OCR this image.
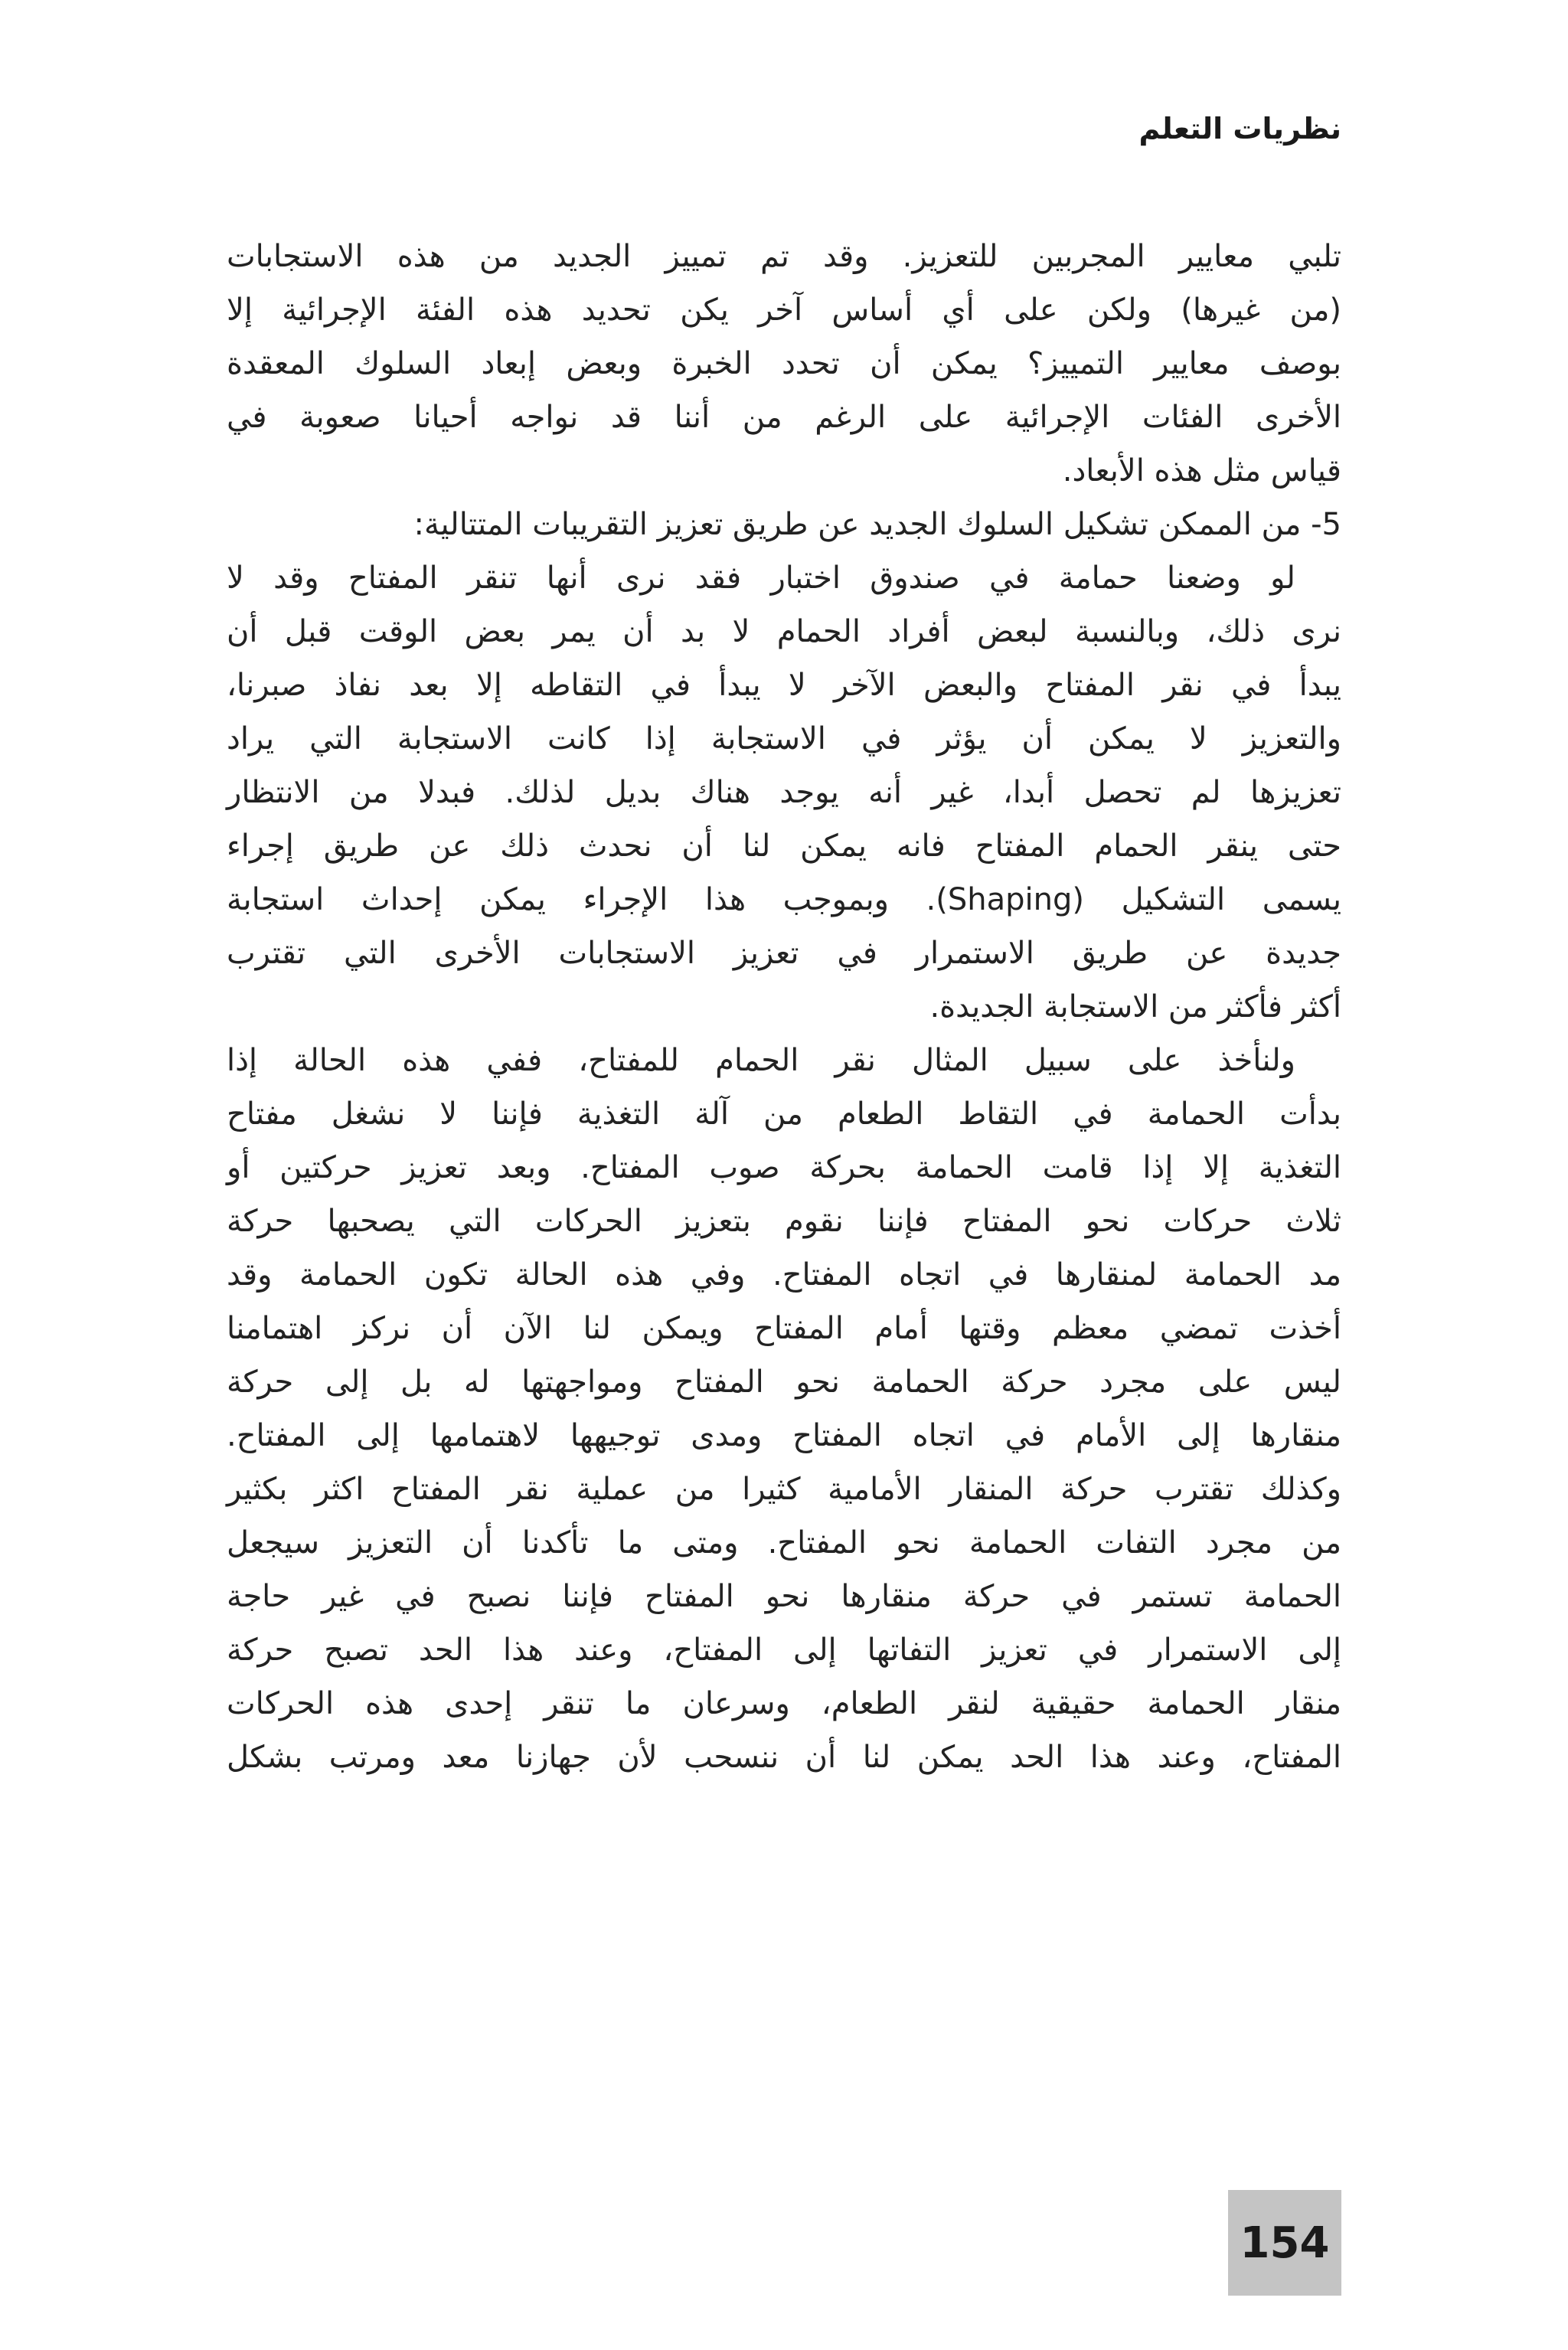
نظريات التعلم
تلبي معايير المجربين للتعزيز. وقد تم تمييز الجديد من هذه الاستجابات
(من غيرها) ولكن على أي أساس آخر يكن تحديد هذه الفئة الإجرائية إلا
بوصف معايير التمييز؟ يمكن أن تحدد الخبرة وبعض إبعاد السلوك المعقدة
الأخرى الفئات الإجرائية على الرغم من أننا قد نواجه أحيانا صعوبة في
قياس مثل هذه الأبعاد.
5- من الممكن تشكيل السلوك الجديد عن طريق تعزيز التقريبات المتتالية:
لو وضعنا حمامة في صندوق اختبار فقد نرى أنها تنقر المفتاح وقد لا
نرى ذلك، وبالنسبة لبعض أفراد الحمام لا بد أن يمر بعض الوقت قبل أن
يبدأ في نقر المفتاح والبعض الآخر لا يبدأ في التقاطه إلا بعد نفاذ صبرنا،
والتعزيز لا يمكن أن يؤثر في الاستجابة إذا كانت الاستجابة التي يراد
تعزيزها لم تحصل أبدا، غير أنه يوجد هناك بديل لذلك. فبدلا من الانتظار
حتى ينقر الحمام المفتاح فانه يمكن لنا أن نحدث ذلك عن طريق إجراء
يسمى التشكيل (Shaping). وبموجب هذا الإجراء يمكن إحداث استجابة
جديدة عن طريق الاستمرار في تعزيز الاستجابات الأخرى التي تقترب
أكثر فأكثر من الاستجابة الجديدة.
ولنأخذ على سبيل المثال نقر الحمام للمفتاح، ففي هذه الحالة إذا
بدأت الحمامة في التقاط الطعام من آلة التغذية فإننا لا نشغل مفتاح
التغذية إلا إذا قامت الحمامة بحركة صوب المفتاح. وبعد تعزيز حركتين أو
ثلاث حركات نحو المفتاح فإننا نقوم بتعزيز الحركات التي يصحبها حركة
مد الحمامة لمنقارها في اتجاه المفتاح. وفي هذه الحالة تكون الحمامة وقد
أخذت تمضي معظم وقتها أمام المفتاح ويمكن لنا الآن أن نركز اهتمامنا
ليس على مجرد حركة الحمامة نحو المفتاح ومواجهتها له بل إلى حركة
منقارها إلى الأمام في اتجاه المفتاح ومدى توجيهها لاهتمامها إلى المفتاح.
وكذلك تقترب حركة المنقار الأمامية كثيرا من عملية نقر المفتاح اكثر بكثير
من مجرد التفات الحمامة نحو المفتاح. ومتى ما تأكدنا أن التعزيز سيجعل
الحمامة تستمر في حركة منقارها نحو المفتاح فإننا نصبح في غير حاجة
إلى الاستمرار في تعزيز التفاتها إلى المفتاح، وعند هذا الحد تصبح حركة
منقار الحمامة حقيقية لنقر الطعام، وسرعان ما تنقر إحدى هذه الحركات
المفتاح، وعند هذا الحد يمكن لنا أن ننسحب لأن جهازنا معد ومرتب بشكل
154
